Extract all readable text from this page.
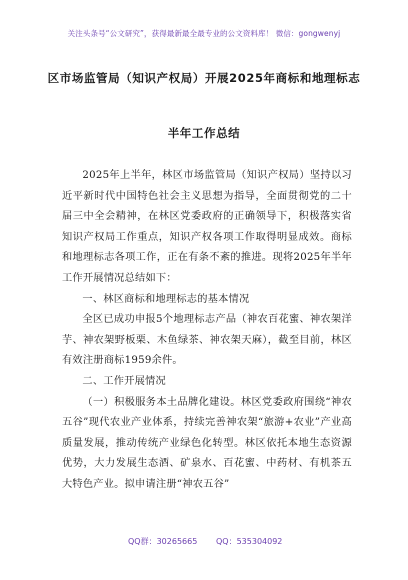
关注头条号“公文研究”，获得最新最全最专业的公文资料库！ 微信：gongwenyj
区市场监管局（知识产权局）开展2025年商标和地理标志
半年工作总结

2025年上半年，林区市场监管局（知识产权局）坚持以习近平新时代中国特色社会主义思想为指导，全面贯彻党的二十届三中全会精神，在林区党委政府的正确领导下，积极落实省知识产权局工作重点，知识产权各项工作取得明显成效。商标和地理标志各项工作，正在有条不紊的推进。现将2025年半年工作开展情况总结如下：

一、林区商标和地理标志的基本情况

全区已成功申报5个地理标志产品（神农百花蜜、神农架洋芋、神农架野板栗、木鱼绿茶、神农架天麻），截至目前，林区有效注册商标1959余件。

二、工作开展情况

（一）积极服务本土品牌化建设。林区党委政府围绕“神农五谷”现代农业产业体系，持续完善神农架“旅游+农业”产业高质量发展，推动传统产业绿色化转型。林区依托本地生态资源优势，大力发展生态酒、矿泉水、百花蜜、中药材、有机茶五大特色产业。拟申请注册“神农五谷”

QQ群：30265665 QQ：535304092
